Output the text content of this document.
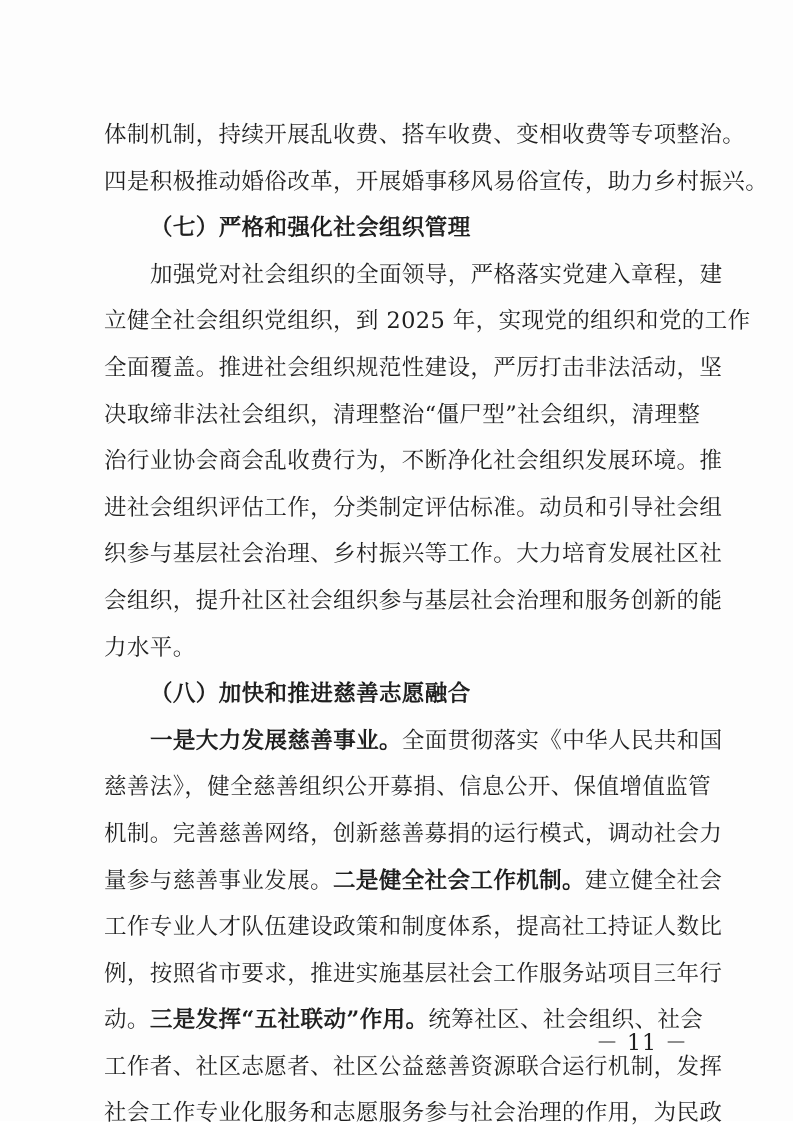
体制机制，持续开展乱收费、搭车收费、变相收费等专项整治。
四是积极推动婚俗改革，开展婚事移风易俗宣传，助力乡村振兴。
（七）严格和强化社会组织管理
加强党对社会组织的全面领导，严格落实党建入章程，建
立健全社会组织党组织，到 2025 年，实现党的组织和党的工作
全面覆盖。推进社会组织规范性建设，严厉打击非法活动，坚
决取缔非法社会组织，清理整治“僵尸型”社会组织，清理整
治行业协会商会乱收费行为，不断净化社会组织发展环境。推
进社会组织评估工作，分类制定评估标准。动员和引导社会组
织参与基层社会治理、乡村振兴等工作。大力培育发展社区社
会组织，提升社区社会组织参与基层社会治理和服务创新的能
力水平。
（八）加快和推进慈善志愿融合
一是大力发展慈善事业。全面贯彻落实《中华人民共和国
慈善法》，健全慈善组织公开募捐、信息公开、保值增值监管
机制。完善慈善网络，创新慈善募捐的运行模式，调动社会力
量参与慈善事业发展。二是健全社会工作机制。建立健全社会
工作专业人才队伍建设政策和制度体系，提高社工持证人数比
例，按照省市要求，推进实施基层社会工作服务站项目三年行
动。三是发挥“五社联动”作用。统筹社区、社会组织、社会
工作者、社区志愿者、社区公益慈善资源联合运行机制，发挥
社会工作专业化服务和志愿服务参与社会治理的作用，为民政
－ 11 －
